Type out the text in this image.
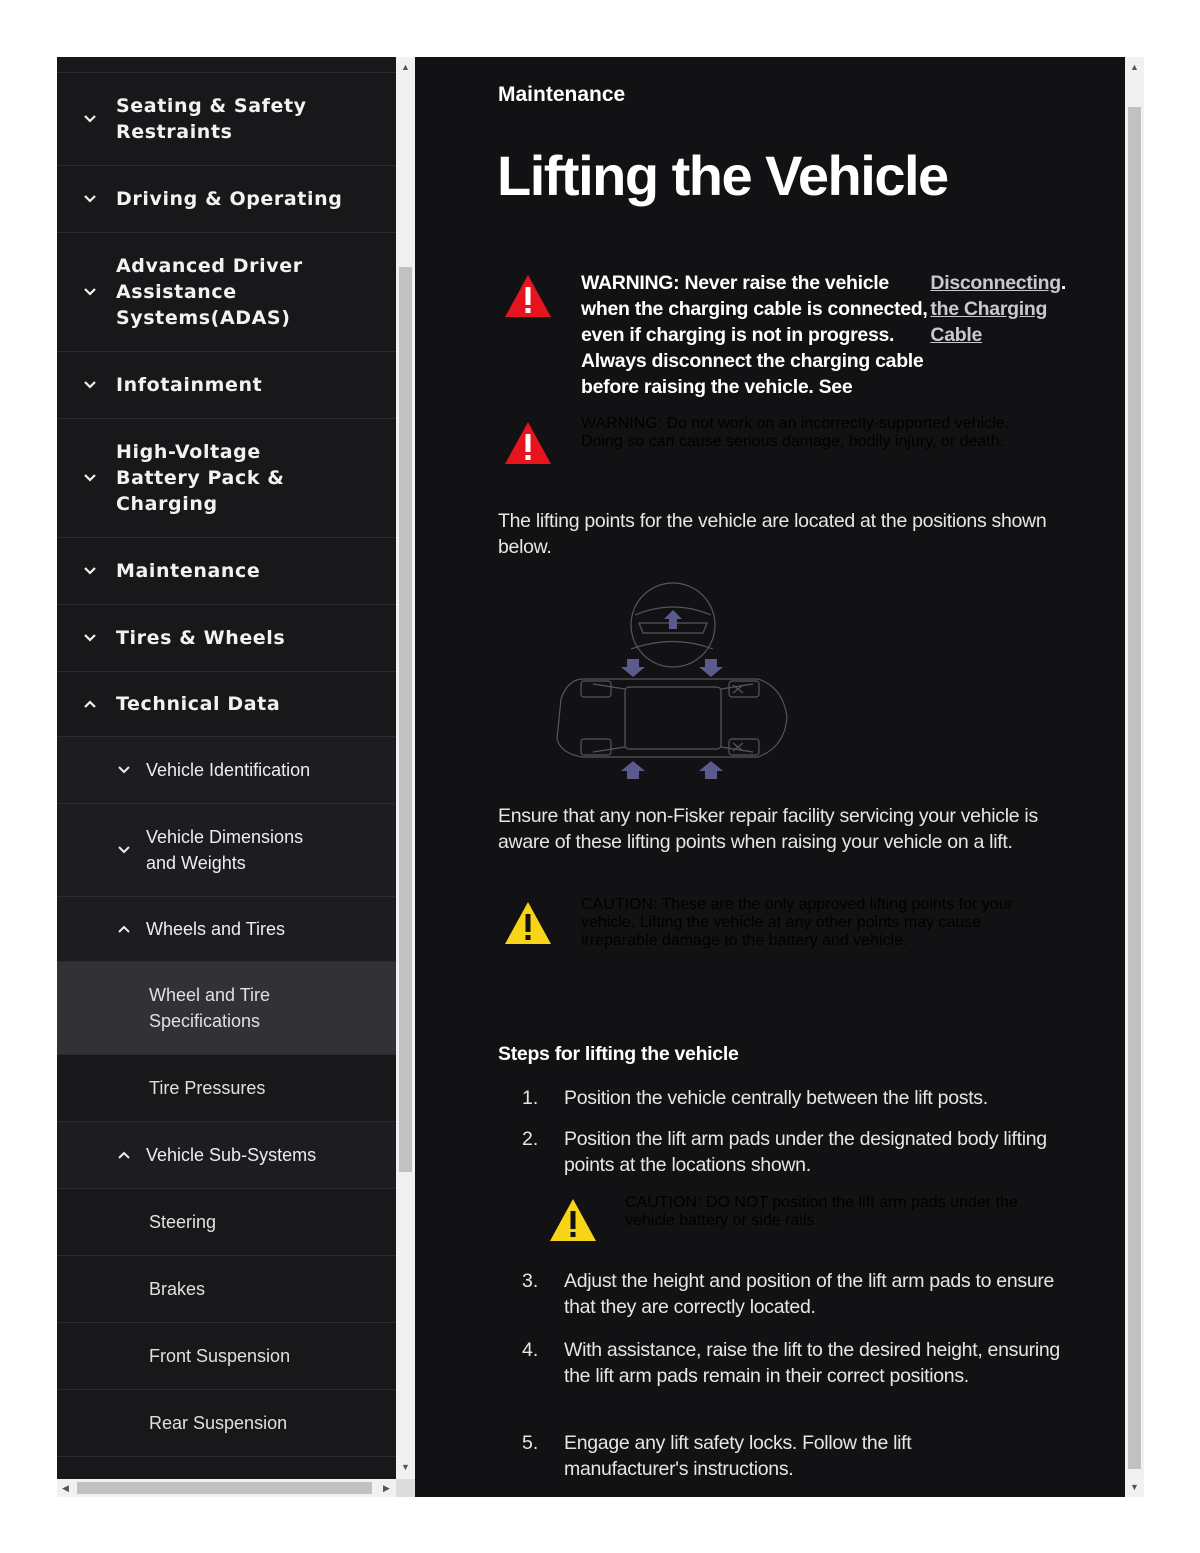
Seating & Safety
Restraints
Driving & Operating
Advanced Driver
Assistance
Systems(ADAS)
Infotainment
High-Voltage
Battery Pack &
Charging
Maintenance
Tires & Wheels
Technical Data
Vehicle Identification
Vehicle Dimensions
and Weights
Wheels and Tires
Wheel and Tire
Specifications
Tire Pressures
Vehicle Sub-Systems
Steering
Brakes
Front Suspension
Rear Suspension
▲
▼
◀	▶
Maintenance
Lifting the Vehicle
WARNING: Never raise the vehicle when the charging cable is connected, even if charging is not in progress. Always disconnect the charging cable before raising the vehicle. See
Disconnecting the Charging Cable
.
WARNING: Do not work on an incorrectly-supported vehicle. Doing so can cause serious damage, bodily injury, or death.
The lifting points for the vehicle are located at the positions shown below.
Ensure that any non-Fisker repair facility servicing your vehicle is aware of these lifting points when raising your vehicle on a lift.
CAUTION: These are the only approved lifting points for your vehicle. Lifting the vehicle at any other points may cause irreparable damage to the battery and vehicle.
Steps for lifting the vehicle
1. Position the vehicle centrally between the lift posts.
2. Position the lift arm pads under the designated body lifting points at the locations shown.
CAUTION: DO NOT position the lift arm pads under the vehicle battery or side rails.
3. Adjust the height and position of the lift arm pads to ensure that they are correctly located.
4. With assistance, raise the lift to the desired height, ensuring the lift arm pads remain in their correct positions.
5. Engage any lift safety locks. Follow the lift manufacturer's instructions.
▲
▼
